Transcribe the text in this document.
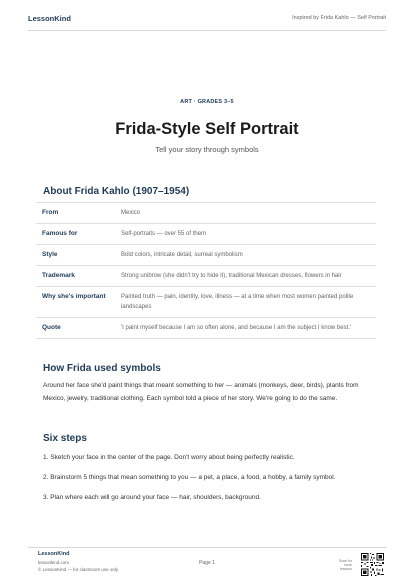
LessonKind	Inspired by Frida Kahlo — Self Portrait
ART · GRADES 3–5
Frida-Style Self Portrait
Tell your story through symbols
About Frida Kahlo (1907–1954)
From	Mexico
Famous for	Self-portraits — over 55 of them
Style	Bold colors, intricate detail, surreal symbolism
Trademark	Strong unibrow (she didn't try to hide it), traditional Mexican dresses, flowers in hair
Why she's important	Painted truth — pain, identity, love, illness — at a time when most women painted polite landscapes
Quote	'I paint myself because I am so often alone, and because I am the subject I know best.'
How Frida used symbols
Around her face she'd paint things that meant something to her — animals (monkeys, deer, birds), plants from Mexico, jewelry, traditional clothing. Each symbol told a piece of her story. We're going to do the same.
Six steps
1. Sketch your face in the center of the page. Don't worry about being perfectly realistic.
2. Brainstorm 5 things that mean something to you — a pet, a place, a food, a hobby, a family symbol.
3. Plan where each will go around your face — hair, shoulders, background.
LessonKind
lessonkind.com
© LessonKind — for classroom use only
Page 1	Scan for more lessons
